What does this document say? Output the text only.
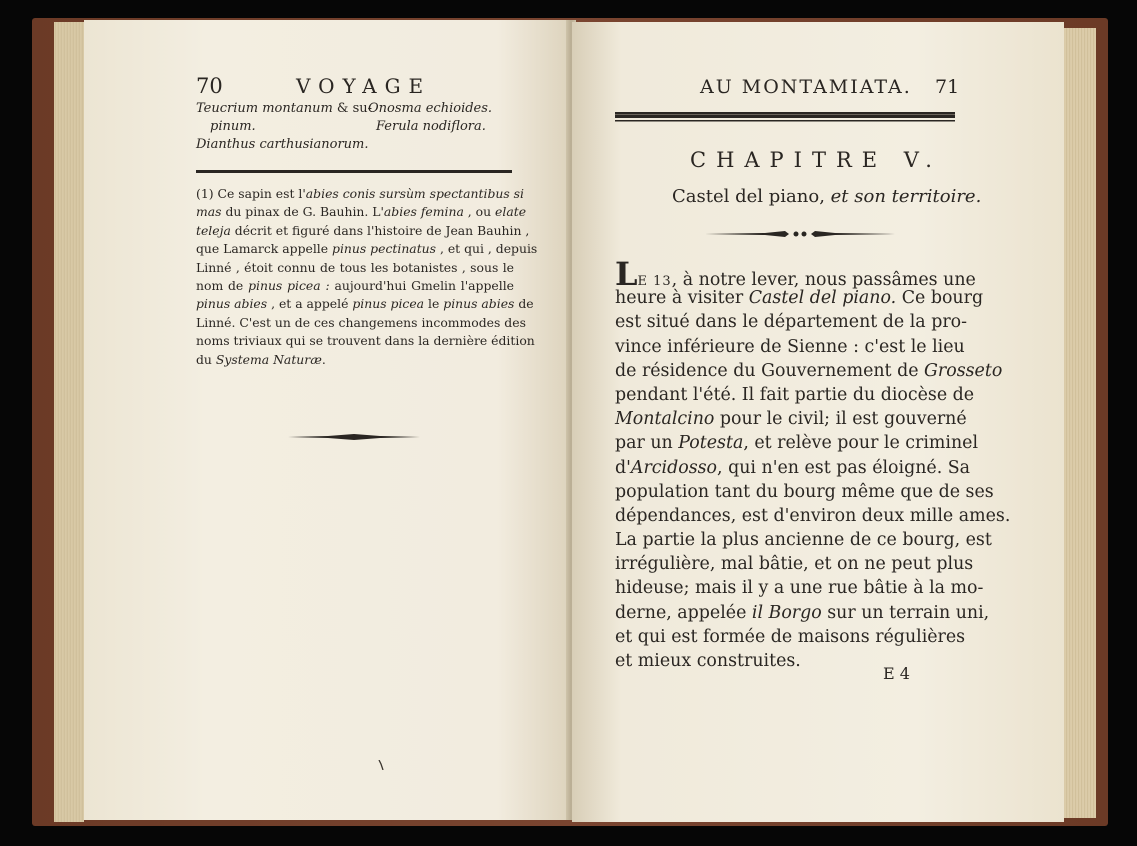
70	VOYAGE
Teucrium montanum & su-
pinum.
Dianthus carthusianorum.
Onosma echioides.
Ferula nodiflora.
(1) Ce sapin est l'abies conis sursùm spectantibus si
mas du pinax de G. Bauhin. L'abies femina , ou elate
teleja décrit et figuré dans l'histoire de Jean Bauhin ,
que Lamarck appelle pinus pectinatus , et qui , depuis
Linné , étoit connu de tous les botanistes , sous le
nom de pinus picea : aujourd'hui Gmelin l'appelle
pinus abies , et a appelé pinus picea le pinus abies de
Linné. C'est un de ces changemens incommodes des
noms triviaux qui se trouvent dans la dernière édition
du Systema Naturæ.
AU MONTAMIATA. 71
CHAPITRE V.
Castel del piano, et son territoire.
LE 13, à notre lever, nous passâmes une
heure à visiter Castel del piano. Ce bourg
est situé dans le département de la pro-
vince inférieure de Sienne : c'est le lieu
de résidence du Gouvernement de Grosseto
pendant l'été. Il fait partie du diocèse de
Montalcino pour le civil; il est gouverné
par un Potesta, et relève pour le criminel
d'Arcidosso, qui n'en est pas éloigné. Sa
population tant du bourg même que de ses
dépendances, est d'environ deux mille ames.
La partie la plus ancienne de ce bourg, est
irrégulière, mal bâtie, et on ne peut plus
hideuse; mais il y a une rue bâtie à la mo-
derne, appelée il Borgo sur un terrain uni,
et qui est formée de maisons régulières
et mieux construites.
E 4
